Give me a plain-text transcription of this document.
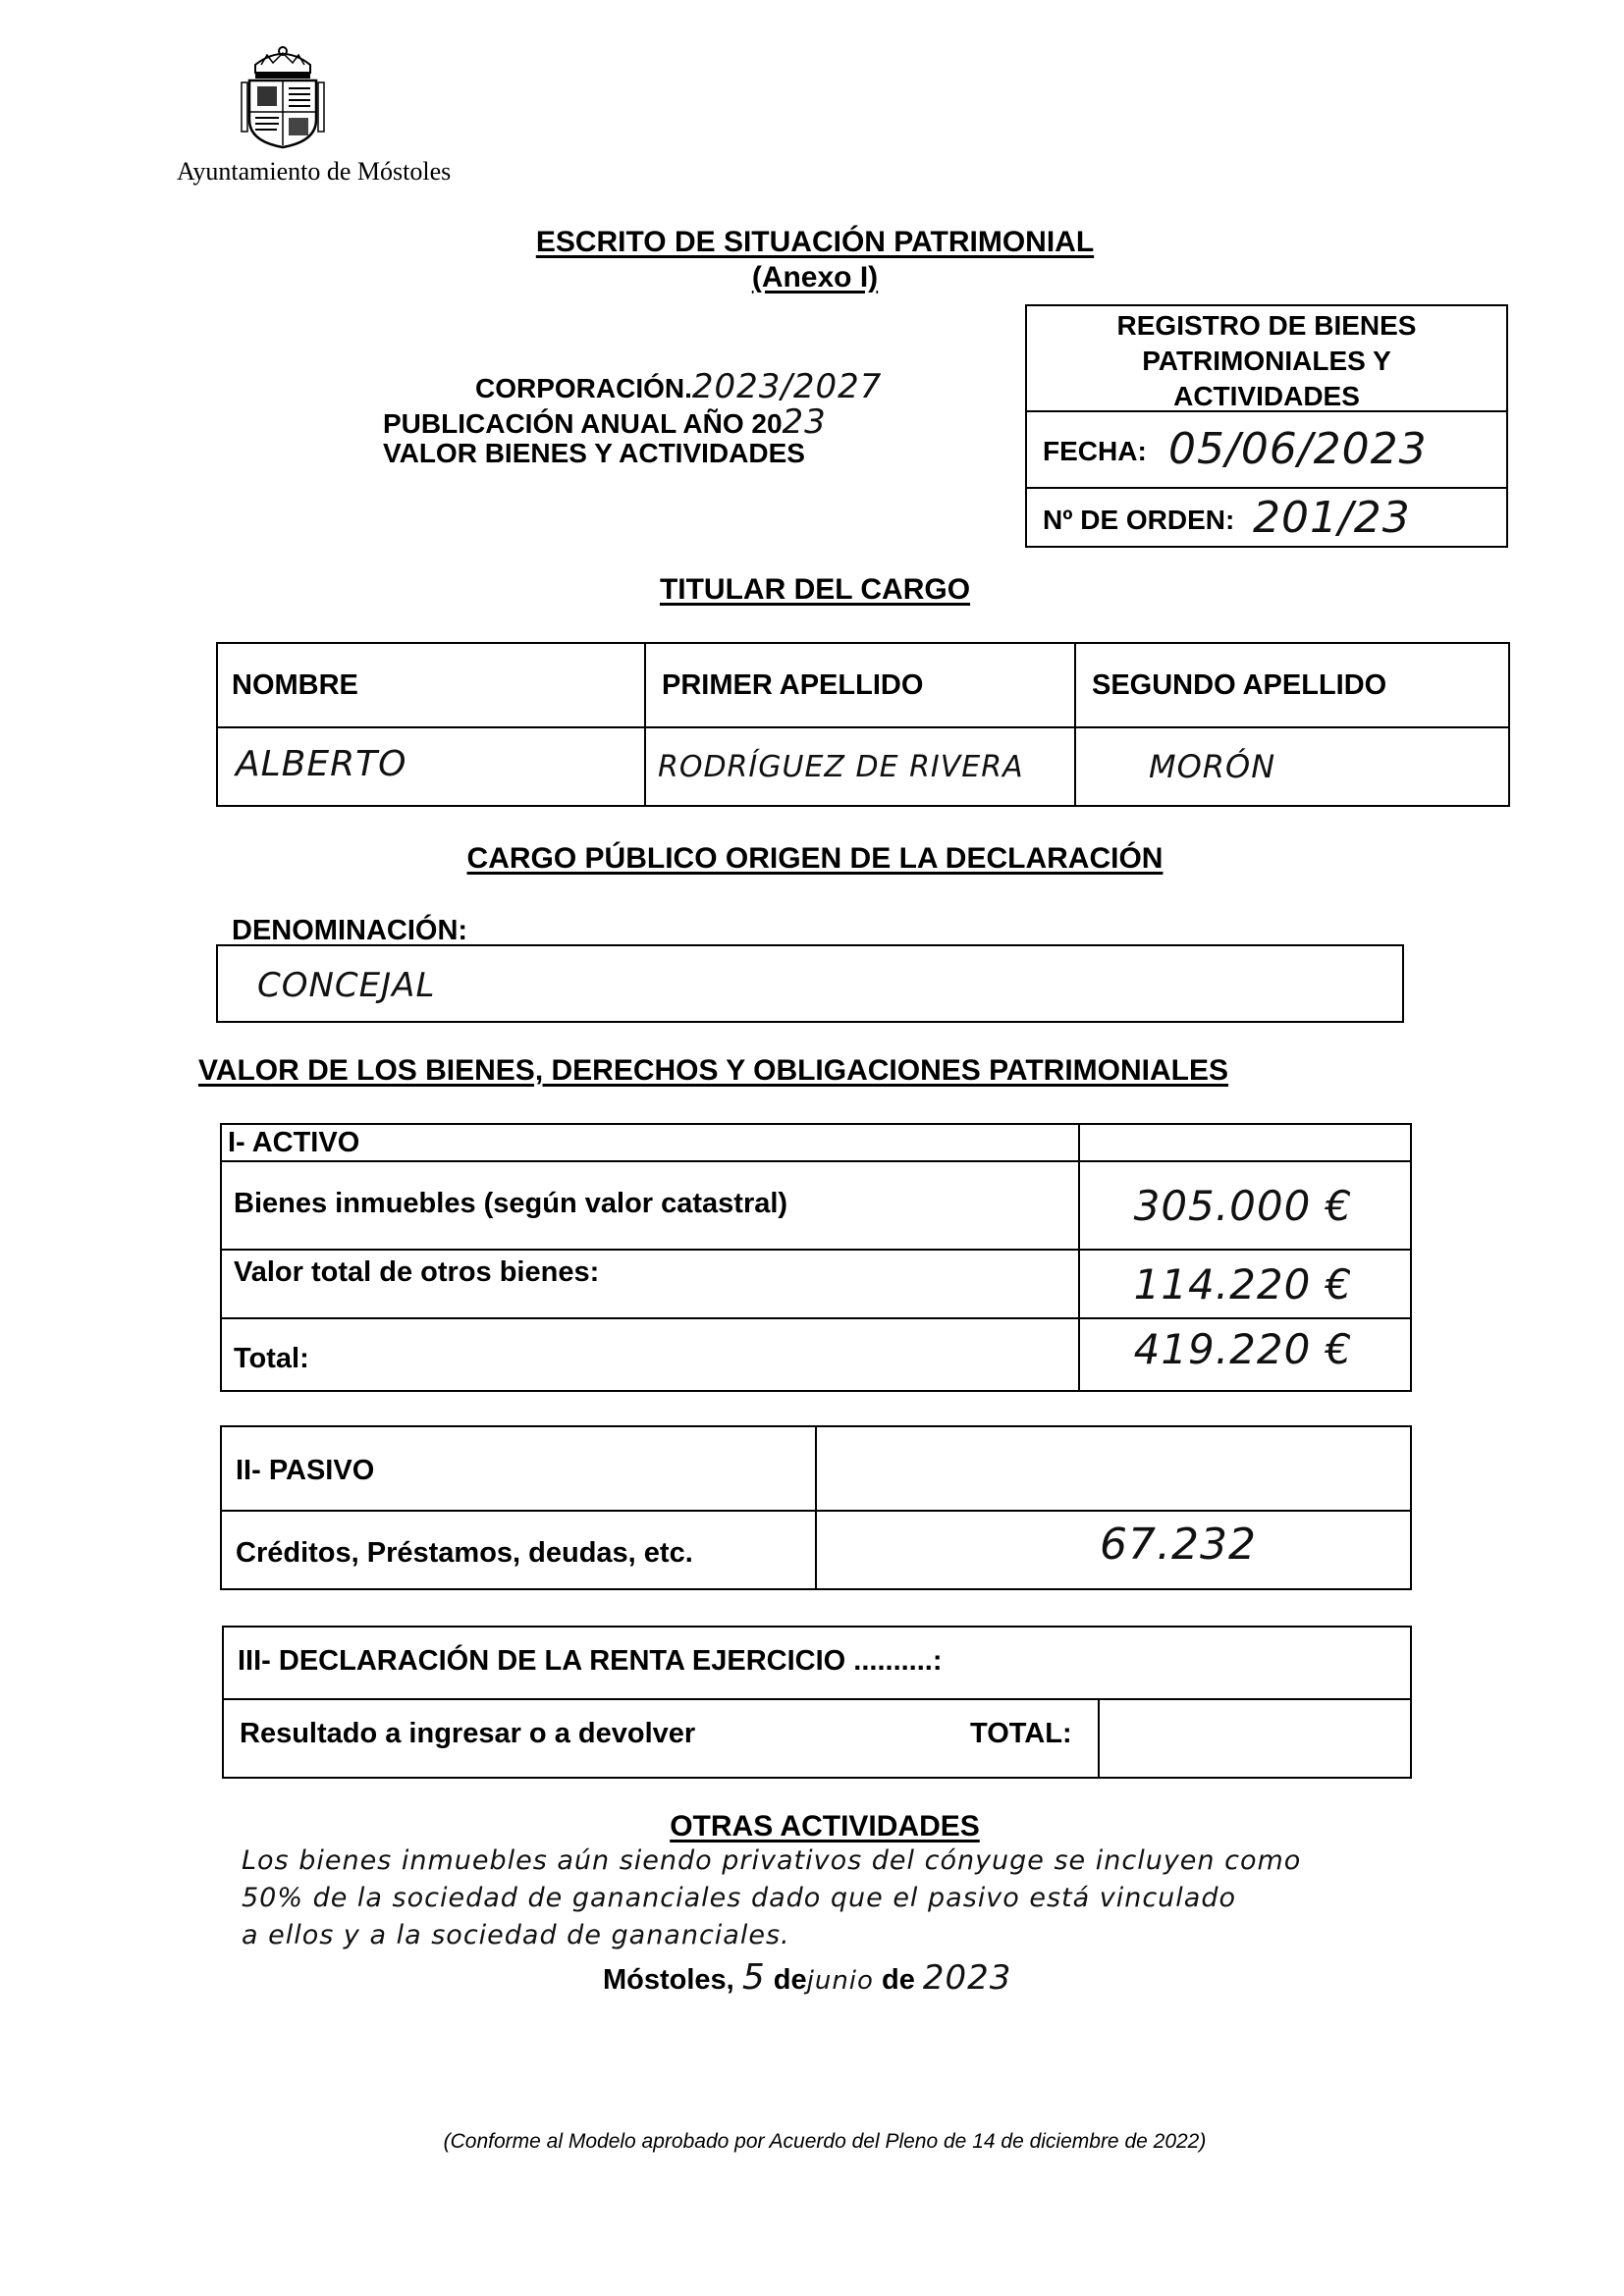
Ayuntamiento de Móstoles
ESCRITO DE SITUACIÓN PATRIMONIAL
(Anexo I)
CORPORACIÓN.2023/2027
PUBLICACIÓN ANUAL AÑO 2023
VALOR BIENES Y ACTIVIDADES
REGISTRO DE BIENES PATRIMONIALES Y ACTIVIDADES
FECHA: 05/06/2023
Nº DE ORDEN: 201/23
TITULAR DEL CARGO
NOMBRE	PRIMER APELLIDO	SEGUNDO APELLIDO
ALBERTO	RODRÍGUEZ DE RIVERA	MORÓN
CARGO PÚBLICO ORIGEN DE LA DECLARACIÓN
DENOMINACIÓN:
CONCEJAL
VALOR DE LOS BIENES, DERECHOS Y OBLIGACIONES PATRIMONIALES
I- ACTIVO
Bienes inmuebles (según valor catastral)	305.000 €
Valor total de otros bienes:	114.220 €
Total:	419.220 €
II- PASIVO
Créditos, Préstamos, deudas, etc.	67.232
III- DECLARACIÓN DE LA RENTA EJERCICIO ..........:
Resultado a ingresar o a devolver	TOTAL:
OTRAS ACTIVIDADES
Los bienes inmuebles aún siendo privativos del cónyuge se incluyen como
50% de la sociedad de gananciales dado que el pasivo está vinculado
a ellos y a la sociedad de gananciales.
Móstoles, 5 dejunio de 2023
(Conforme al Modelo aprobado por Acuerdo del Pleno de 14 de diciembre de 2022)
